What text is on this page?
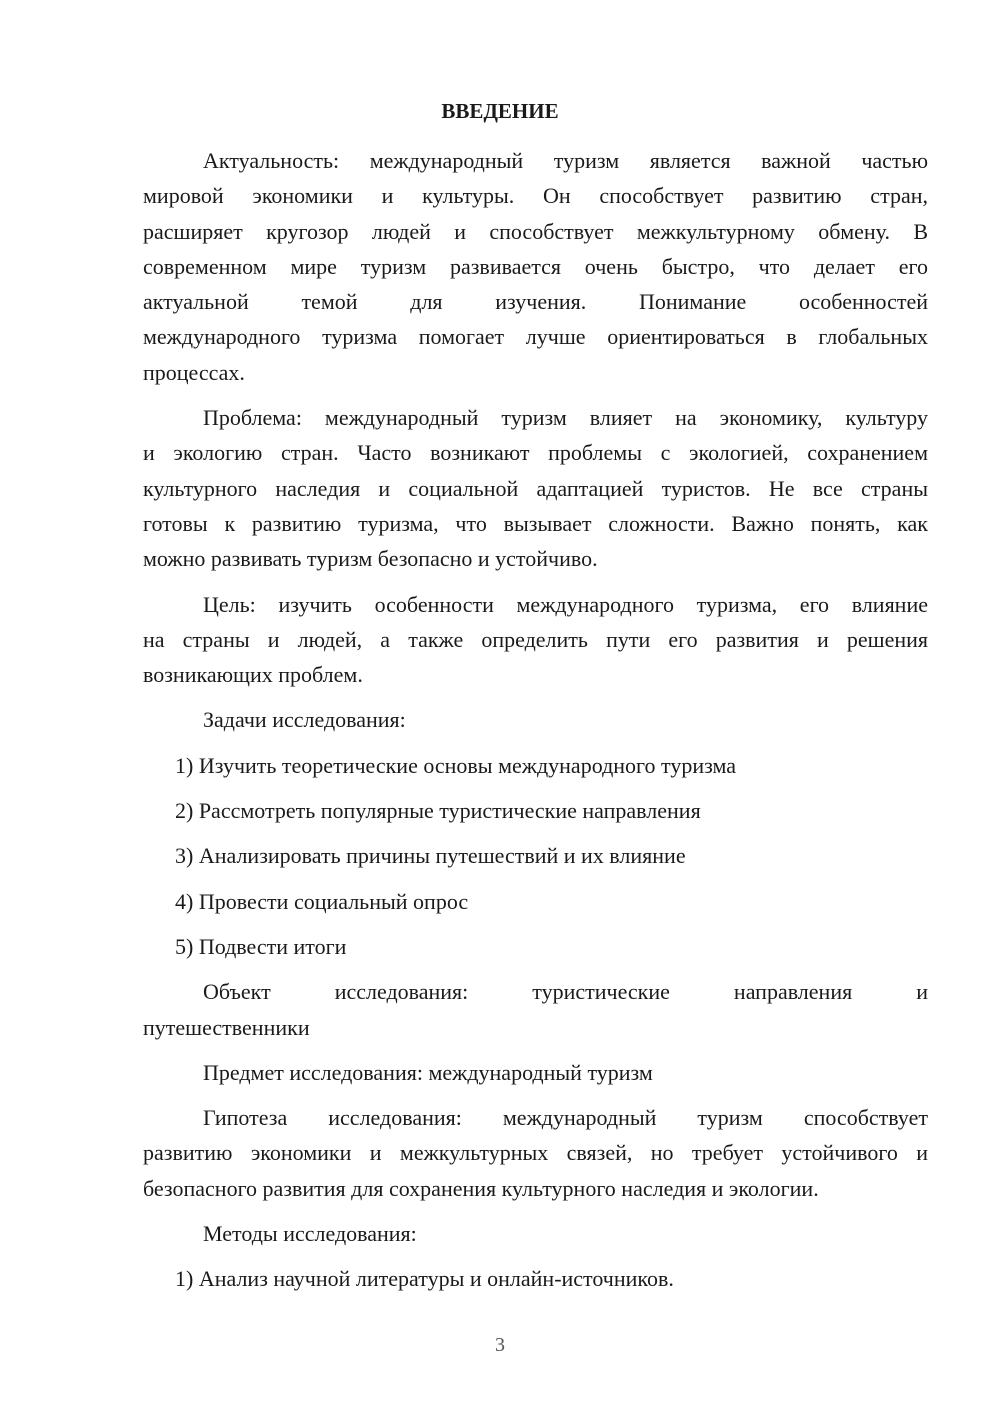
ВВЕДЕНИЕ
Актуальность: международный туризм является важной частью
мировой экономики и культуры. Он способствует развитию стран,
расширяет кругозор людей и способствует межкультурному обмену. В
современном мире туризм развивается очень быстро, что делает его
актуальной темой для изучения. Понимание особенностей
международного туризма помогает лучше ориентироваться в глобальных
процессах.
Проблема: международный туризм влияет на экономику, культуру
и экологию стран. Часто возникают проблемы с экологией, сохранением
культурного наследия и социальной адаптацией туристов. Не все страны
готовы к развитию туризма, что вызывает сложности. Важно понять, как
можно развивать туризм безопасно и устойчиво.
Цель: изучить особенности международного туризма, его влияние
на страны и людей, а также определить пути его развития и решения
возникающих проблем.
Задачи исследования:
1) Изучить теоретические основы международного туризма
2) Рассмотреть популярные туристические направления
3) Анализировать причины путешествий и их влияние
4) Провести социальный опрос
5) Подвести итоги
Объект исследования: туристические направления и
путешественники
Предмет исследования: международный туризм
Гипотеза исследования: международный туризм способствует
развитию экономики и межкультурных связей, но требует устойчивого и
безопасного развития для сохранения культурного наследия и экологии.
Методы исследования:
1) Анализ научной литературы и онлайн-источников.
3
